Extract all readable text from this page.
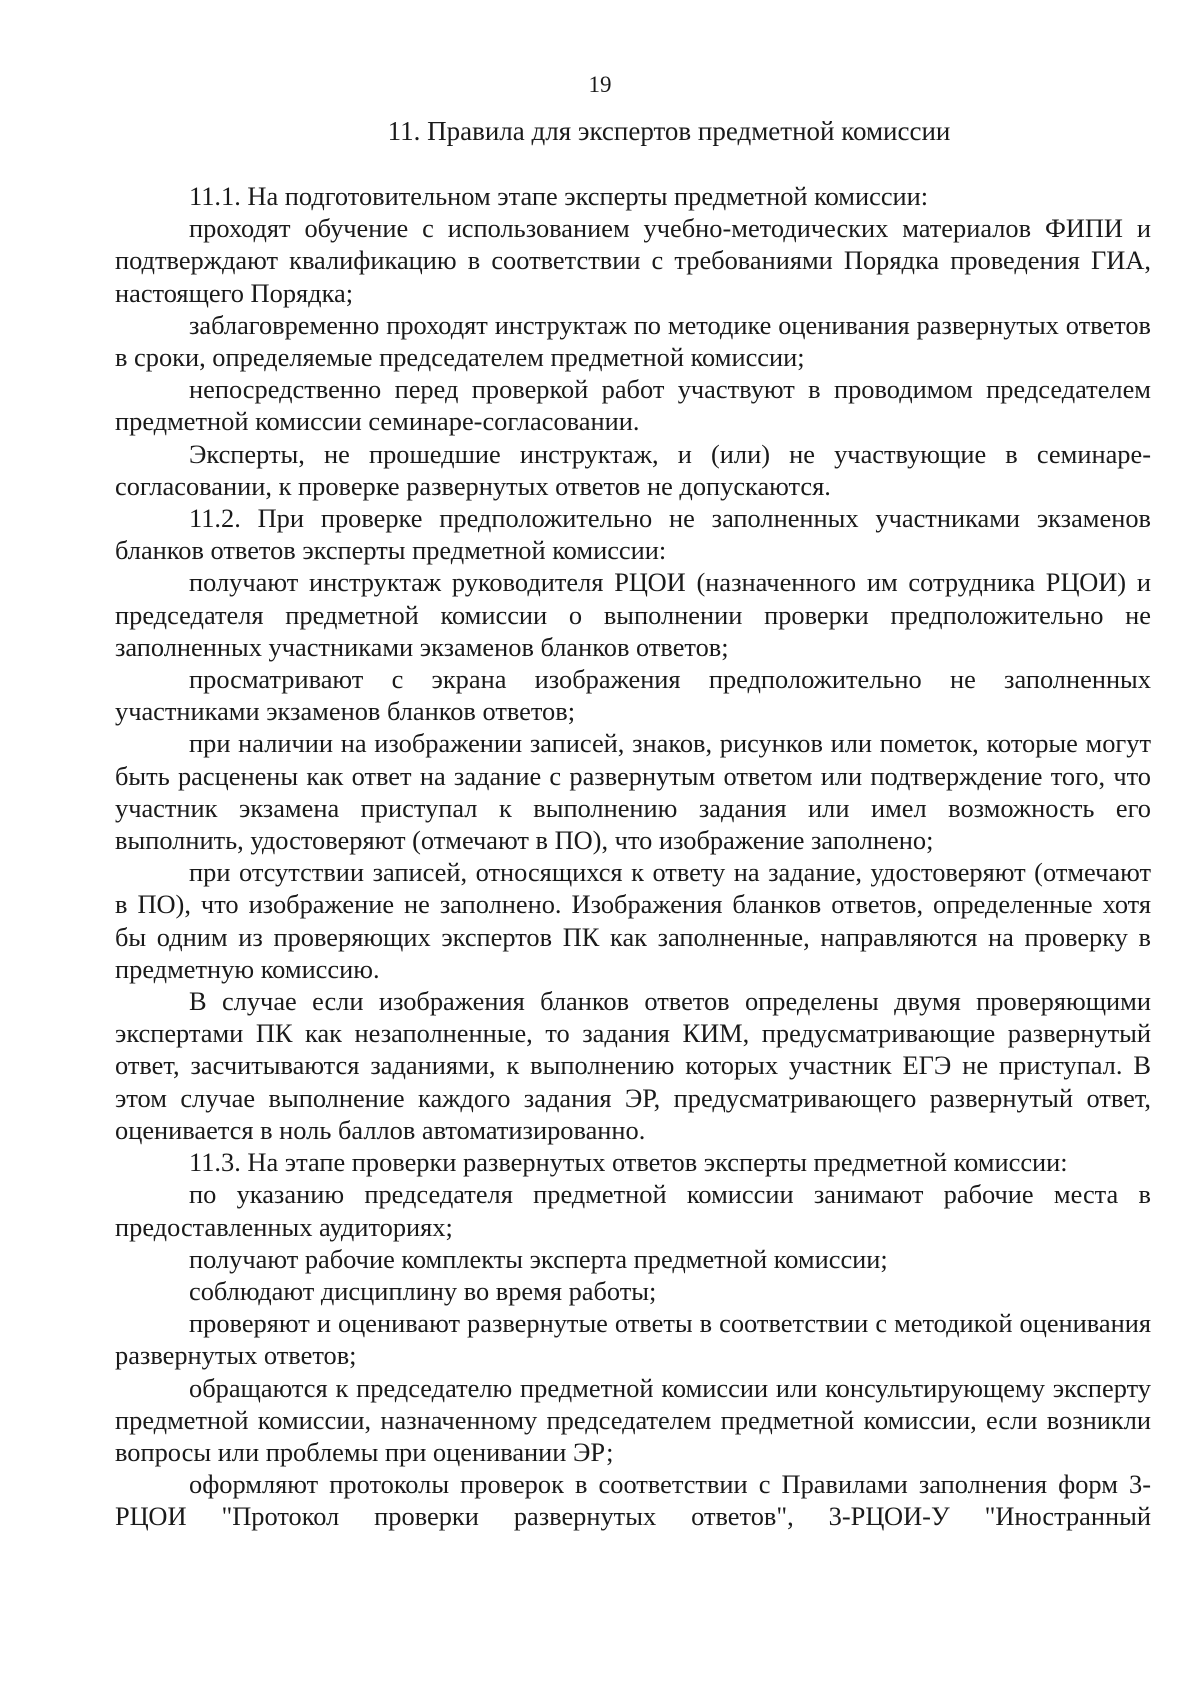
19
11. Правила для экспертов предметной комиссии

11.1. На подготовительном этапе эксперты предметной комиссии:

проходят обучение с использованием учебно-методических материалов ФИПИ и подтверждают квалификацию в соответствии с требованиями Порядка проведения ГИА, настоящего Порядка;

заблаговременно проходят инструктаж по методике оценивания развернутых ответов в сроки, определяемые председателем предметной комиссии;

непосредственно перед проверкой работ участвуют в проводимом председателем предметной комиссии семинаре-согласовании.

Эксперты, не прошедшие инструктаж, и (или) не участвующие в семинаре-согласовании, к проверке развернутых ответов не допускаются.

11.2. При проверке предположительно не заполненных участниками экзаменов бланков ответов эксперты предметной комиссии:

получают инструктаж руководителя РЦОИ (назначенного им сотрудника РЦОИ) и председателя предметной комиссии о выполнении проверки предположительно не заполненных участниками экзаменов бланков ответов;

просматривают с экрана изображения предположительно не заполненных участниками экзаменов бланков ответов;

при наличии на изображении записей, знаков, рисунков или пометок, которые могут быть расценены как ответ на задание с развернутым ответом или подтверждение того, что участник экзамена приступал к выполнению задания или имел возможность его выполнить, удостоверяют (отмечают в ПО), что изображение заполнено;

при отсутствии записей, относящихся к ответу на задание, удостоверяют (отмечают в ПО), что изображение не заполнено. Изображения бланков ответов, определенные хотя бы одним из проверяющих экспертов ПК как заполненные, направляются на проверку в предметную комиссию.

В случае если изображения бланков ответов определены двумя проверяющими экспертами ПК как незаполненные, то задания КИМ, предусматривающие развернутый ответ, засчитываются заданиями, к выполнению которых участник ЕГЭ не приступал. В этом случае выполнение каждого задания ЭР, предусматривающего развернутый ответ, оценивается в ноль баллов автоматизированно.

11.3. На этапе проверки развернутых ответов эксперты предметной комиссии:

по указанию председателя предметной комиссии занимают рабочие места в предоставленных аудиториях;

получают рабочие комплекты эксперта предметной комиссии;

соблюдают дисциплину во время работы;

проверяют и оценивают развернутые ответы в соответствии с методикой оценивания развернутых ответов;

обращаются к председателю предметной комиссии или консультирующему эксперту предметной комиссии, назначенному председателем предметной комиссии, если возникли вопросы или проблемы при оценивании ЭР;

оформляют протоколы проверок в соответствии с Правилами заполнения форм 3-РЦОИ "Протокол проверки развернутых ответов", 3-РЦОИ-У "Иностранный
